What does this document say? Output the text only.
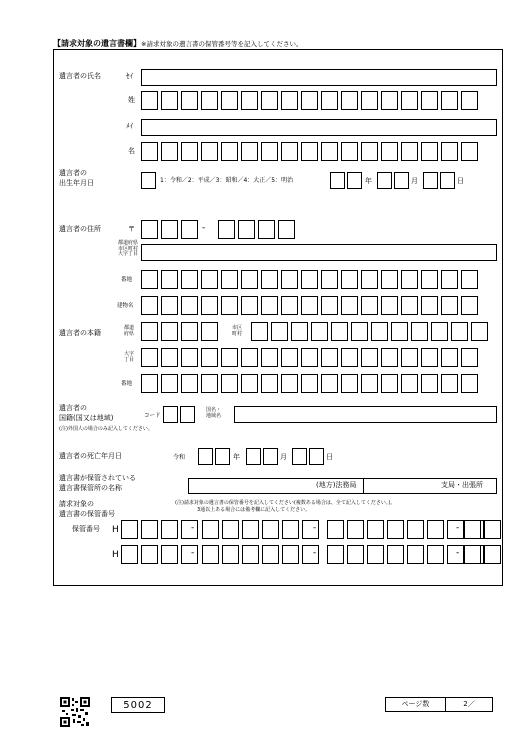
【請求対象の遺言書欄】※請求対象の遺言書の保管番号等を記入してください。
遺言者の氏名	ｾｲ
姓
ﾒｲ
名
遺言者の
出生年月日	1：令和／2：平成／3：昭和／4：大正／5：明治	年	月	日
遺言者の住所	〒	-
都道府県
市区町村
大字丁目
番地
建物名
遺言者の本籍
都道
府県
市区
町村
大字
丁目
番地
遺言者の
国籍(国又は地域)
(注)外国人の場合のみ記入してください。
コード
国名・
地域名
遺言者の死亡年月日	令和	年	月	日
遺言書が保管されている
遺言書保管所の名称	(地方)法務局	支局・出張所
請求対象の
遺言書の保管番号
(注)請求対象の遺言書の保管番号を記入してください(複数ある場合は、全て記入してください。)。
3通以上ある場合には備考欄に記入してください。
保管番号 H	-	-	-
H	-	-	-
5002	ページ数	2／
